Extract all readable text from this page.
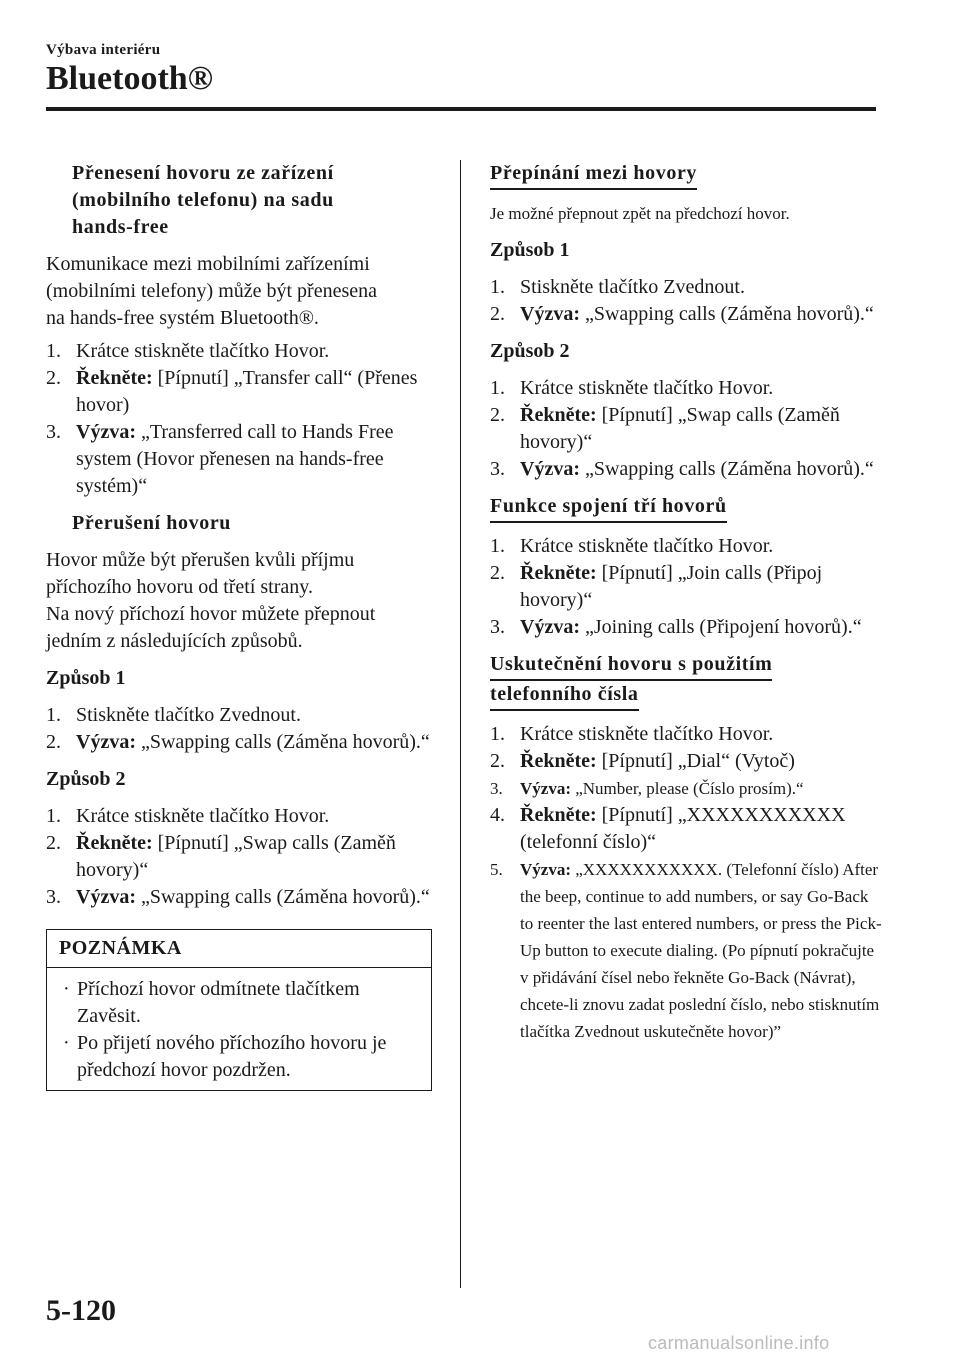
Výbava interiéru
Bluetooth®
Přenesení hovoru ze zařízení
(mobilního telefonu) na sadu
hands-free

Komunikace mezi mobilními zařízeními
(mobilními telefony) může být přenesena
na hands-free systém Bluetooth®.

1. Krátce stiskněte tlačítko Hovor.
2. Řekněte: [Pípnutí] „Transfer call“ (Přenes hovor)
3. Výzva: „Transferred call to Hands Free system (Hovor přenesen na hands-free systém)“
Přerušení hovoru

Hovor může být přerušen kvůli příjmu
příchozího hovoru od třetí strany.
Na nový příchozí hovor můžete přepnout
jedním z následujících způsobů.

Způsob 1
1. Stiskněte tlačítko Zvednout.
2. Výzva: „Swapping calls (Záměna hovorů).“
Způsob 2
1. Krátce stiskněte tlačítko Hovor.
2. Řekněte: [Pípnutí] „Swap calls (Zaměň hovory)“
3. Výzva: „Swapping calls (Záměna hovorů).“
POZNÁMKA
· Příchozí hovor odmítnete tlačítkem Zavěsit.
· Po přijetí nového příchozího hovoru je předchozí hovor pozdržen.
Přepínání mezi hovory

Je možné přepnout zpět na předchozí hovor.

Způsob 1
1. Stiskněte tlačítko Zvednout.
2. Výzva: „Swapping calls (Záměna hovorů).“
Způsob 2
1. Krátce stiskněte tlačítko Hovor.
2. Řekněte: [Pípnutí] „Swap calls (Zaměň hovory)“
3. Výzva: „Swapping calls (Záměna hovorů).“
Funkce spojení tří hovorů
1. Krátce stiskněte tlačítko Hovor.
2. Řekněte: [Pípnutí] „Join calls (Připoj hovory)“
3. Výzva: „Joining calls (Připojení hovorů).“
Uskutečnění hovoru s použitím
telefonního čísla
1. Krátce stiskněte tlačítko Hovor.
2. Řekněte: [Pípnutí] „Dial“ (Vytoč)
3. Výzva: „Number, please (Číslo prosím).“
4. Řekněte: [Pípnutí] „XXXXXXXXXXX (telefonní číslo)“
5. Výzva: „XXXXXXXXXXX. (Telefonní číslo) After the beep, continue to add numbers, or say Go-Back to reenter the last entered numbers, or press the Pick-Up button to execute dialing. (Po pípnutí pokračujte v přidávání čísel nebo řekněte Go-Back (Návrat), chcete-li znovu zadat poslední číslo, nebo stisknutím tlačítka Zvednout uskutečněte hovor)”
5-120
carmanualsonline.info
